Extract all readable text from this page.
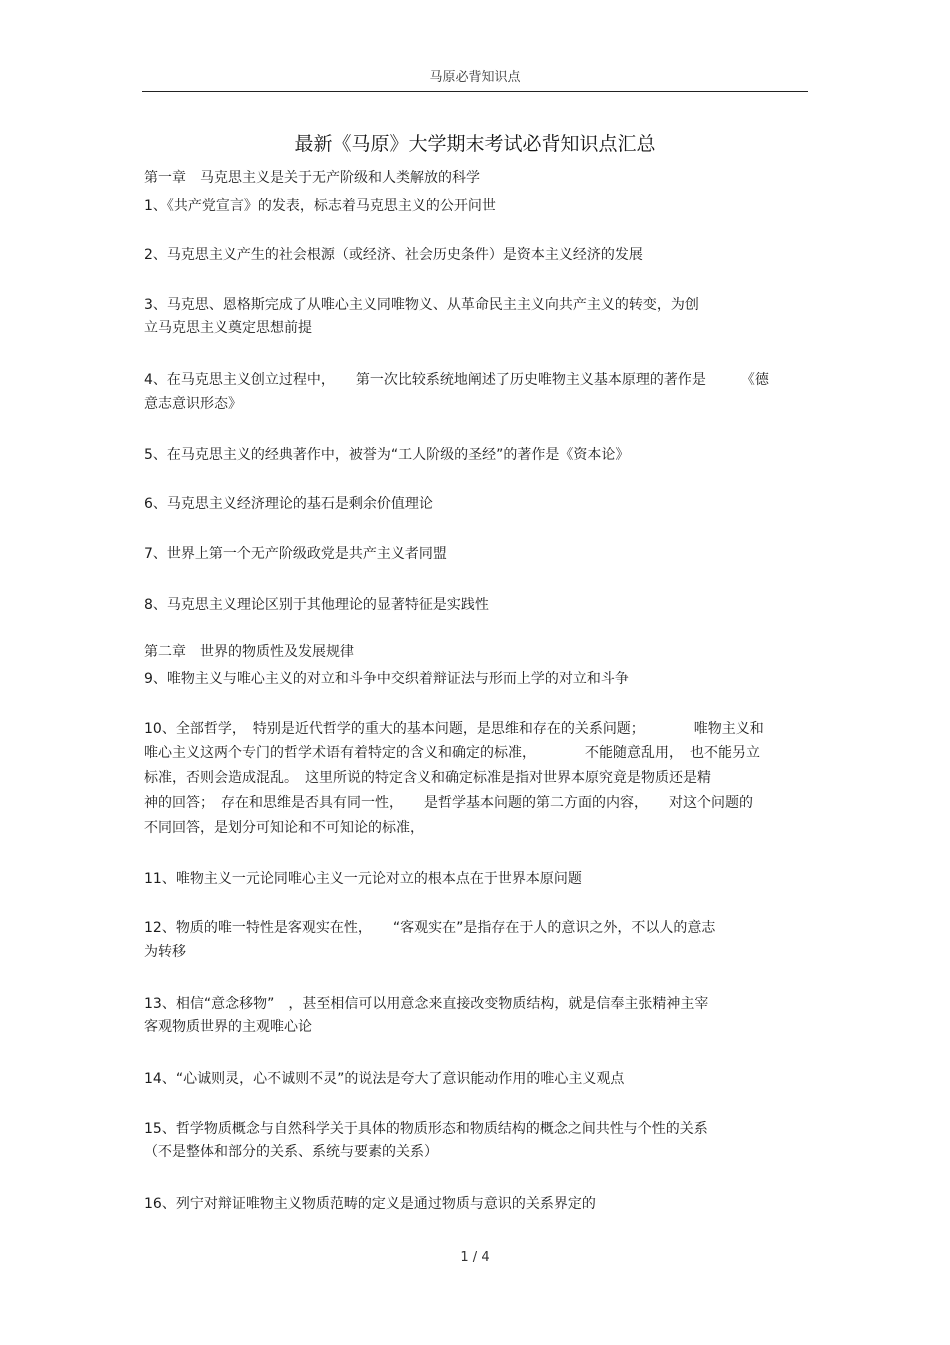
马原必背知识点
最新《马原》大学期末考试必背知识点汇总
第一章　马克思主义是关于无产阶级和人类解放的科学
1、《共产党宣言》的发表，标志着马克思主义的公开问世
2、马克思主义产生的社会根源（或经济、社会历史条件）是资本主义经济的发展
3、马克思、恩格斯完成了从唯心主义同唯物义、从革命民主主义向共产主义的转变，为创
立马克思主义奠定思想前提
4、在马克思主义创立过程中，　　第一次比较系统地阐述了历史唯物主义基本原理的著作是　　　《德
意志意识形态》
5、在马克思主义的经典著作中，被誉为“工人阶级的圣经”的著作是《资本论》
6、马克思主义经济理论的基石是剩余价值理论
7、世界上第一个无产阶级政党是共产主义者同盟
8、马克思主义理论区别于其他理论的显著特征是实践性
第二章　世界的物质性及发展规律
9、唯物主义与唯心主义的对立和斗争中交织着辩证法与形而上学的对立和斗争
10、全部哲学，　特别是近代哲学的重大的基本问题，是思维和存在的关系问题；　　　　唯物主义和
唯心主义这两个专门的哲学术语有着特定的含义和确定的标准，　　　　不能随意乱用，　也不能另立
标准，否则会造成混乱。　这里所说的特定含义和确定标准是指对世界本原究竟是物质还是精
神的回答；　存在和思维是否具有同一性，　　是哲学基本问题的第二方面的内容，　　对这个问题的
不同回答，是划分可知论和不可知论的标准，
11、唯物主义一元论同唯心主义一元论对立的根本点在于世界本原问题
12、物质的唯一特性是客观实在性，　　“客观实在”是指存在于人的意识之外，不以人的意志
为转移
13、相信“意念移物”　，甚至相信可以用意念来直接改变物质结构，就是信奉主张精神主宰
客观物质世界的主观唯心论
14、“心诚则灵，心不诚则不灵”的说法是夸大了意识能动作用的唯心主义观点
15、哲学物质概念与自然科学关于具体的物质形态和物质结构的概念之间共性与个性的关系
（不是整体和部分的关系、系统与要素的关系）
16、列宁对辩证唯物主义物质范畴的定义是通过物质与意识的关系界定的
1 / 4
